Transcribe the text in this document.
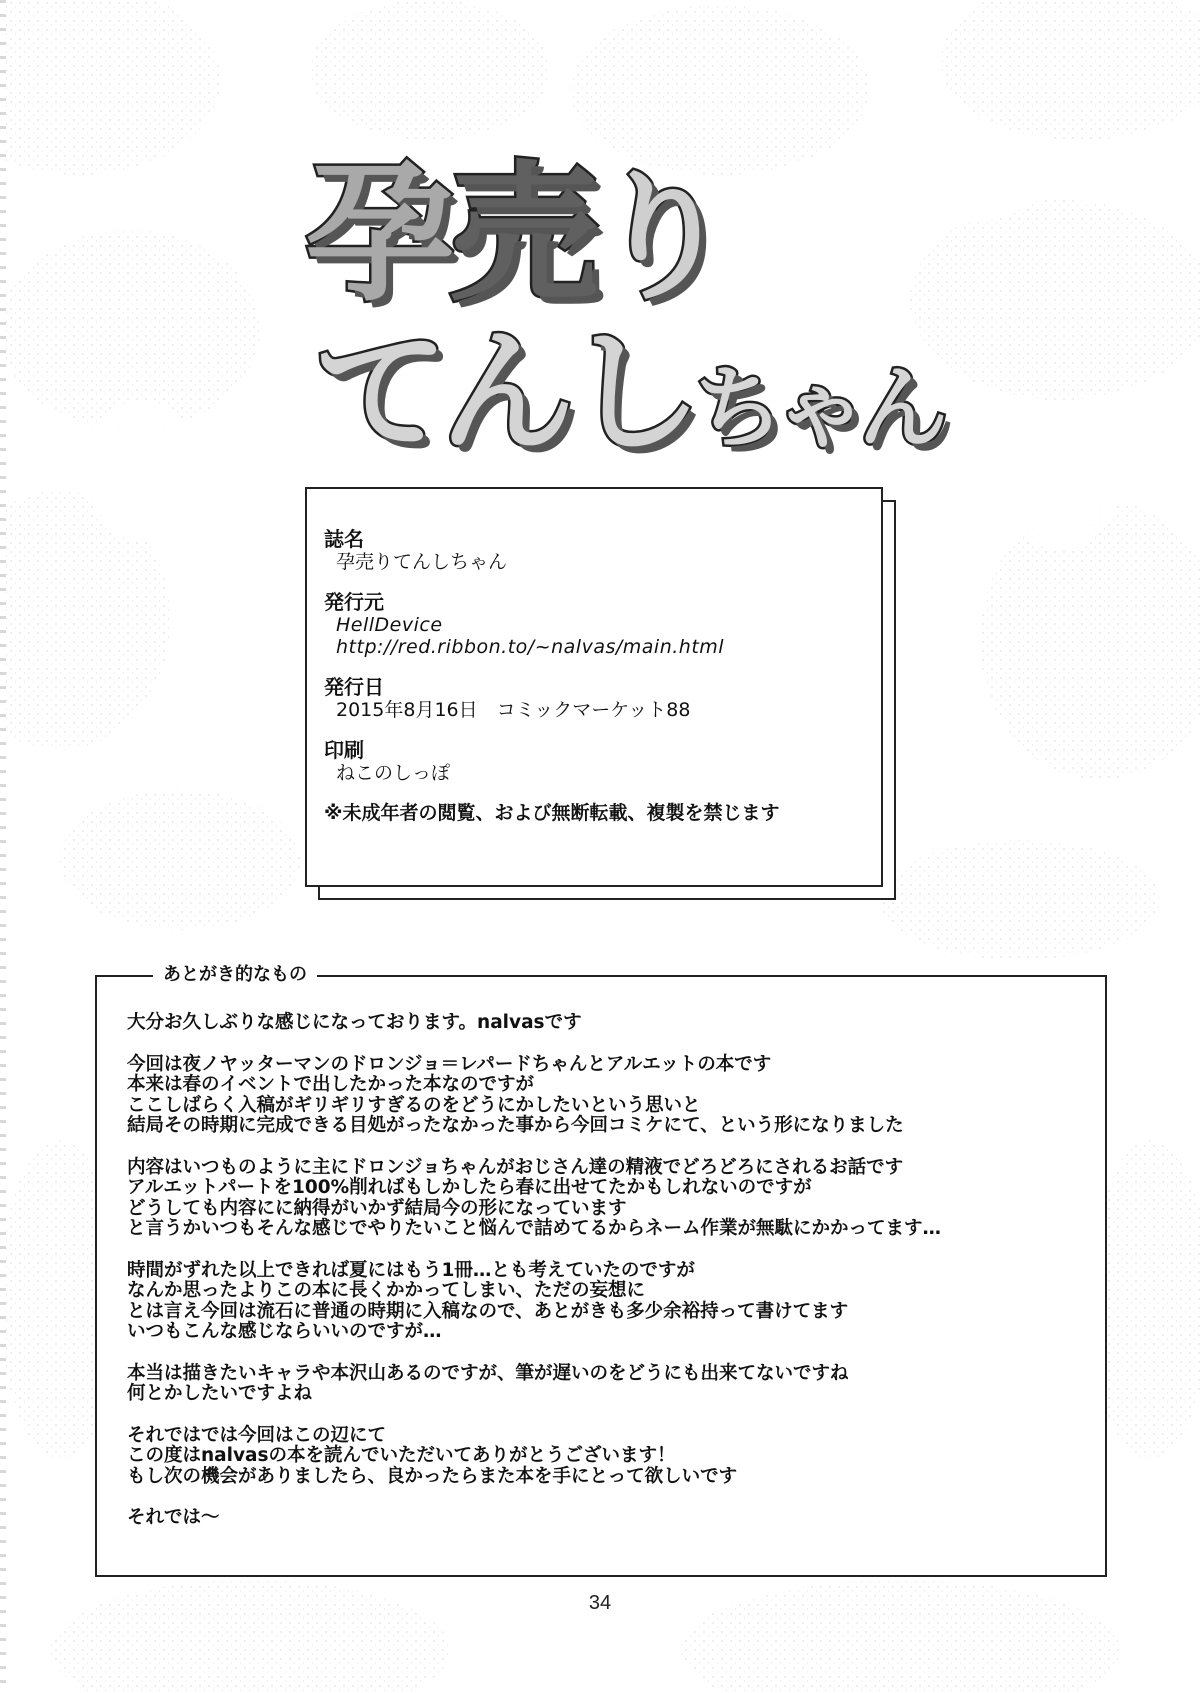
孕売り
てんしちゃん
誌名
孕売りてんしちゃん
発行元
HellDevice
http://red.ribbon.to/~nalvas/main.html
発行日
2015年8月16日　コミックマーケット88
印刷
ねこのしっぽ
※未成年者の閲覧、および無断転載、複製を禁じます
あとがき的なもの
大分お久しぶりな感じになっております。nalvasです
今回は夜ノヤッターマンのドロンジョ＝レパードちゃんとアルエットの本です
本来は春のイベントで出したかった本なのですが
ここしばらく入稿がギリギリすぎるのをどうにかしたいという思いと
結局その時期に完成できる目処がったなかった事から今回コミケにて、という形になりました
内容はいつものように主にドロンジョちゃんがおじさん達の精液でどろどろにされるお話です
アルエットパートを100%削ればもしかしたら春に出せてたかもしれないのですが
どうしても内容にに納得がいかず結局今の形になっています
と言うかいつもそんな感じでやりたいこと悩んで詰めてるからネーム作業が無駄にかかってます…
時間がずれた以上できれば夏にはもう1冊…とも考えていたのですが
なんか思ったよりこの本に長くかかってしまい、ただの妄想に
とは言え今回は流石に普通の時期に入稿なので、あとがきも多少余裕持って書けてます
いつもこんな感じならいいのですが…
本当は描きたいキャラや本沢山あるのですが、筆が遅いのをどうにも出来てないですね
何とかしたいですよね
それではでは今回はこの辺にて
この度はnalvasの本を読んでいただいてありがとうございます！
もし次の機会がありましたら、良かったらまた本を手にとって欲しいです
それでは～
34
